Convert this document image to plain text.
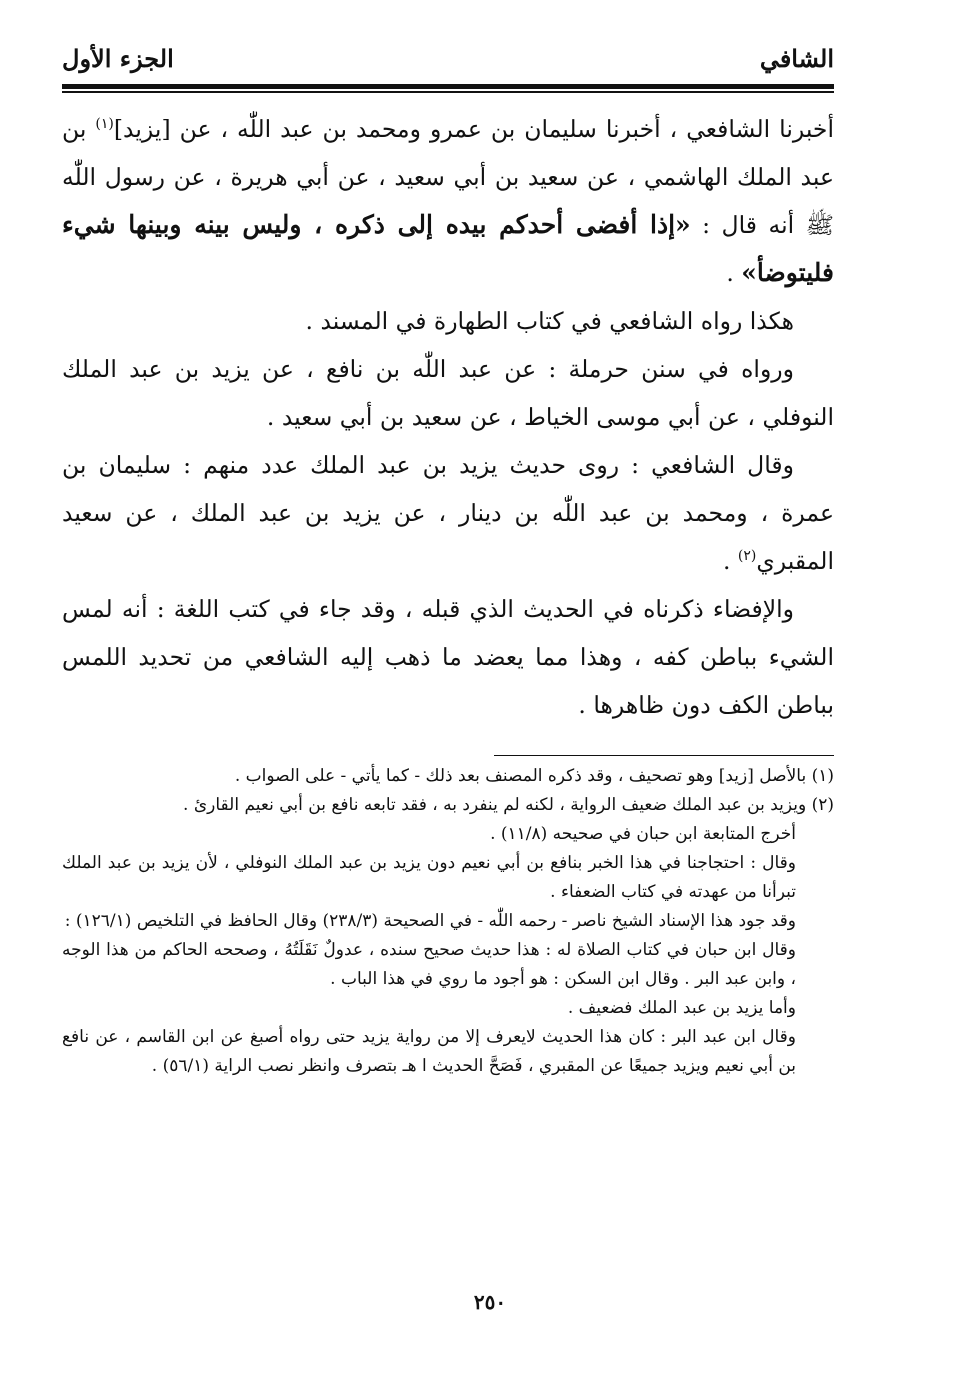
الشافي
الجزء الأول

أخبرنا الشافعي ، أخبرنا سليمان بن عمرو ومحمد بن عبد اللّٰه ، عن [يزيد]$^{(١)}$ بن عبد الملك الهاشمي ، عن سعيد بن أبي سعيد ، عن أبي هريرة ، عن رسول اللّٰه ﷺ أنه قال : «إذا أفضى أحدكم بيده إلى ذكره ، وليس بينه وبينها شيء فليتوضأ» .

هكذا رواه الشافعي في كتاب الطهارة في المسند .

ورواه في سنن حرملة : عن عبد اللّٰه بن نافع ، عن يزيد بن عبد الملك النوفلي ، عن أبي موسى الخياط ، عن سعيد بن أبي سعيد .

وقال الشافعي : روى حديث يزيد بن عبد الملك عدد منهم : سليمان بن عمرة ، ومحمد بن عبد اللّٰه بن دينار ، عن يزيد بن عبد الملك ، عن سعيد المقبري$^{(٢)}$ .

والإفضاء ذكرناه في الحديث الذي قبله ، وقد جاء في كتب اللغة : أنه لمس الشيء بباطن كفه ، وهذا مما يعضد ما ذهب إليه الشافعي من تحديد اللمس بباطن الكف دون ظاهرها .

(١) بالأصل [زيد] وهو تصحيف ، وقد ذكره المصنف بعد ذلك - كما يأتي - على الصواب .

(٢) ويزيد بن عبد الملك ضعيف الرواية ، لكنه لم ينفرد به ، فقد تابعه نافع بن أبي نعيم القارئ .

أخرج المتابعة ابن حبان في صحيحه (١١/٨) .

وقال : احتجاجنا في هذا الخبر بنافع بن أبي نعيم دون يزيد بن عبد الملك النوفلي ، لأن يزيد بن عبد الملك تبرأنا من عهدته في كتاب الضعفاء .

وقد جود هذا الإسناد الشيخ ناصر - رحمه اللّٰه - في الصحيحة (٢٣٨/٣) وقال الحافظ في التلخيص (١٢٦/١) :

وقال ابن حبان في كتاب الصلاة له : هذا حديث صحيح سنده ، عدولٌ نَقَلَتُهُ ، وصححه الحاكم من هذا الوجه ، وابن عبد البر . وقال ابن السكن : هو أجود ما روي في هذا الباب .

وأما يزيد بن عبد الملك فضعيف .

وقال ابن عبد البر : كان هذا الحديث لايعرف إلا من رواية يزيد حتى رواه أصبغ عن ابن القاسم ، عن نافع بن أبي نعيم ويزيد جميعًا عن المقبري ، فَصَحَّ الحديث ا هـ بتصرف وانظر نصب الراية (٥٦/١) .

٢٥٠
